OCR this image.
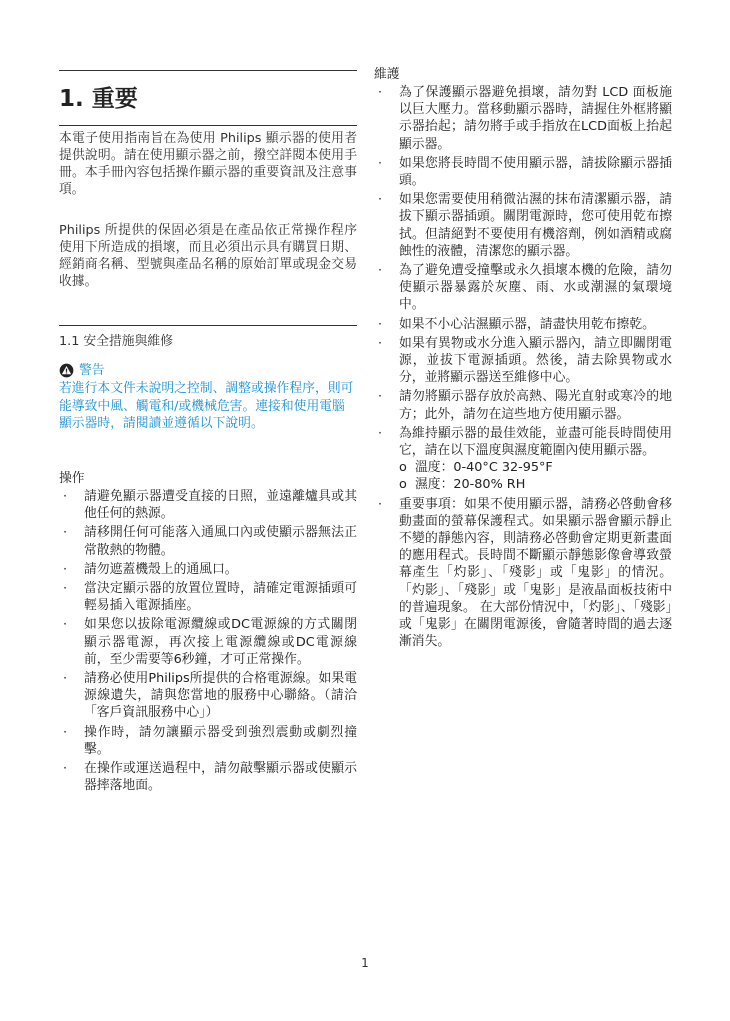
1. 重要

本電子使用指南旨在為使用 Philips 顯示器的使用者提供說明。請在使用顯示器之前，撥空詳閱本使用手冊。本手冊內容包括操作顯示器的重要資訊及注意事項。

Philips 所提供的保固必須是在產品依正常操作程序使用下所造成的損壞，而且必須出示具有購買日期、經銷商名稱、型號與產品名稱的原始訂單或現金交易收據。

1.1 安全措施與維修

警告

若進行本文件未說明之控制、調整或操作程序，則可能導致中風、觸電和/或機械危害。連接和使用電腦顯示器時，請閱讀並遵循以下說明。

操作

· 請避免顯示器遭受直接的日照，並遠離爐具或其他任何的熱源。
· 請移開任何可能落入通風口內或使顯示器無法正常散熱的物體。
· 請勿遮蓋機殼上的通風口。
· 當決定顯示器的放置位置時，請確定電源插頭可輕易插入電源插座。
· 如果您以拔除電源纜線或DC電源線的方式關閉顯示器電源，再次接上電源纜線或DC電源線前，至少需要等6秒鐘，才可正常操作。
· 請務必使用Philips所提供的合格電源線。如果電源線遺失，請與您當地的服務中心聯絡。（請洽「客戶資訊服務中心」）
· 操作時，請勿讓顯示器受到強烈震動或劇烈撞擊。
· 在操作或運送過程中，請勿敲擊顯示器或使顯示器摔落地面。

維護

· 為了保護顯示器避免損壞，請勿對 LCD 面板施以巨大壓力。當移動顯示器時，請握住外框將顯示器抬起；請勿將手或手指放在LCD面板上抬起顯示器。
· 如果您將長時間不使用顯示器，請拔除顯示器插頭。
· 如果您需要使用稍微沾濕的抹布清潔顯示器，請拔下顯示器插頭。關閉電源時，您可使用乾布擦拭。但請絕對不要使用有機溶劑，例如酒精或腐蝕性的液體，清潔您的顯示器。
· 為了避免遭受撞擊或永久損壞本機的危險，請勿使顯示器暴露於灰塵、雨、水或潮濕的氣環境中。
· 如果不小心沾濕顯示器，請盡快用乾布擦乾。
· 如果有異物或水分進入顯示器內，請立即關閉電源，並拔下電源插頭。然後，請去除異物或水分，並將顯示器送至維修中心。
· 請勿將顯示器存放於高熱、陽光直射或寒冷的地方；此外，請勿在這些地方使用顯示器。
· 為維持顯示器的最佳效能，並盡可能長時間使用它，請在以下溫度與濕度範圍內使用顯示器。
o 溫度：0-40°C 32-95°F
o 濕度：20-80% RH
· 重要事項：如果不使用顯示器，請務必啓動會移動畫面的螢幕保護程式。如果顯示器會顯示靜止不變的靜態內容，則請務必啓動會定期更新畫面的應用程式。長時間不斷顯示靜態影像會導致螢幕產生「灼影」、「殘影」或「鬼影」的情況。「灼影」、「殘影」或「鬼影」是液晶面板技術中的普遍現象。 在大部份情況中，「灼影」、「殘影」或「鬼影」在關閉電源後，會隨著時間的過去逐漸消失。
1
